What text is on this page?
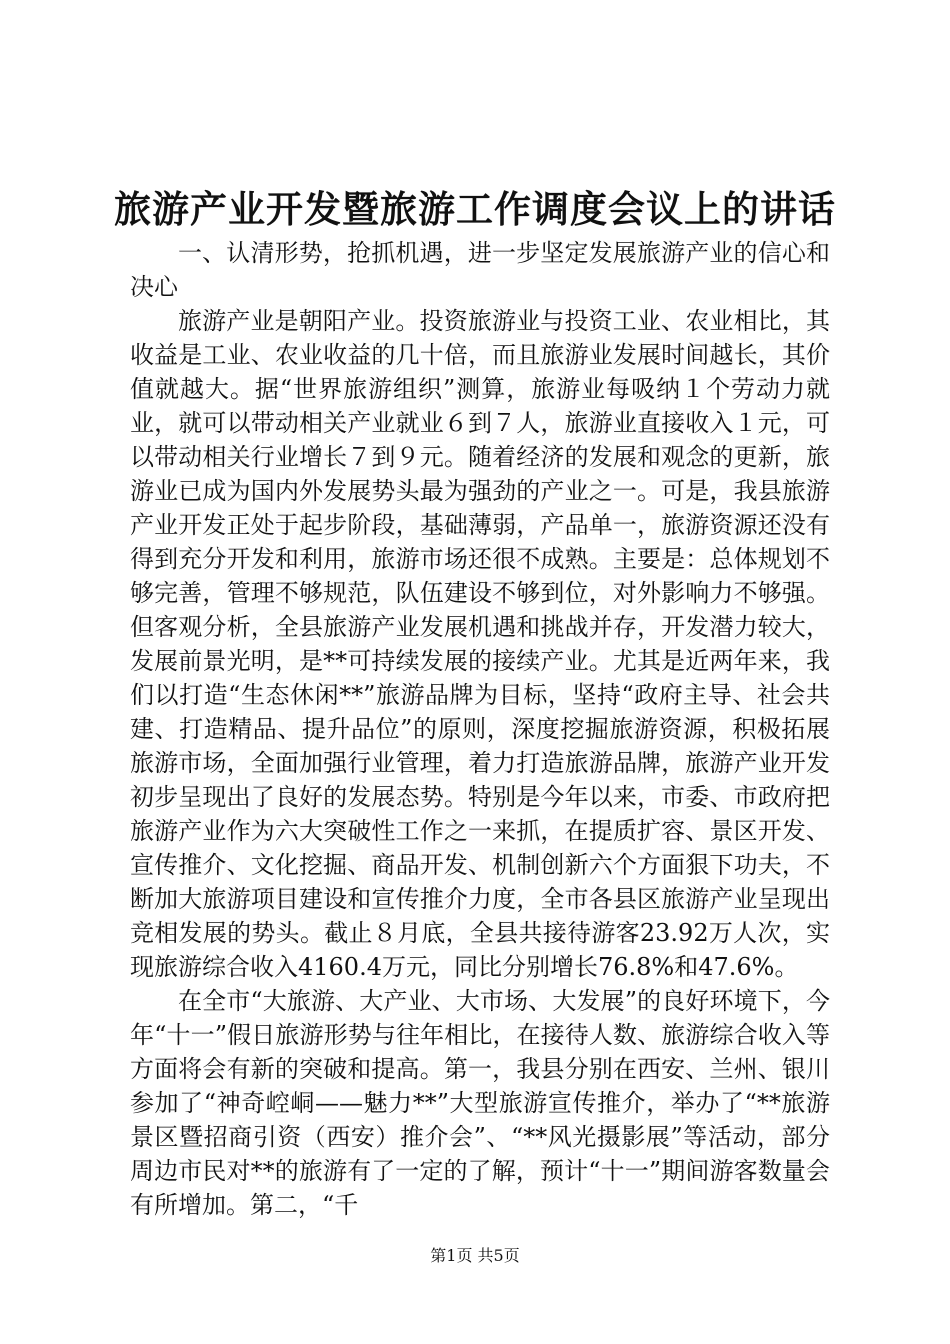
旅游产业开发暨旅游工作调度会议上的讲话

一、认清形势，抢抓机遇，进一步坚定发展旅游产业的信心和决心

旅游产业是朝阳产业。投资旅游业与投资工业、农业相比，其收益是工业、农业收益的几十倍，而且旅游业发展时间越长，其价值就越大。据“世界旅游组织”测算，旅游业每吸纳１个劳动力就业，就可以带动相关产业就业６到７人，旅游业直接收入１元，可以带动相关行业增长７到９元。随着经济的发展和观念的更新，旅游业已成为国内外发展势头最为强劲的产业之一。可是，我县旅游产业开发正处于起步阶段，基础薄弱，产品单一，旅游资源还没有得到充分开发和利用，旅游市场还很不成熟。主要是：总体规划不够完善，管理不够规范，队伍建设不够到位，对外影响力不够强。但客观分析，全县旅游产业发展机遇和挑战并存，开发潜力较大，发展前景光明，是**可持续发展的接续产业。尤其是近两年来，我们以打造“生态休闲**”旅游品牌为目标，坚持“政府主导、社会共建、打造精品、提升品位”的原则，深度挖掘旅游资源，积极拓展旅游市场，全面加强行业管理，着力打造旅游品牌，旅游产业开发初步呈现出了良好的发展态势。特别是今年以来，市委、市政府把旅游产业作为六大突破性工作之一来抓，在提质扩容、景区开发、宣传推介、文化挖掘、商品开发、机制创新六个方面狠下功夫，不断加大旅游项目建设和宣传推介力度，全市各县区旅游产业呈现出竞相发展的势头。截止８月底，全县共接待游客23.92万人次，实现旅游综合收入4160.4万元，同比分别增长76.8%和47.6%。

在全市“大旅游、大产业、大市场、大发展”的良好环境下，今年“十一”假日旅游形势与往年相比，在接待人数、旅游综合收入等方面将会有新的突破和提高。第一，我县分别在西安、兰州、银川参加了“神奇崆峒——魅力**”大型旅游宣传推介，举办了“**旅游景区暨招商引资（西安）推介会”、“**风光摄影展”等活动，部分周边市民对**的旅游有了一定的了解，预计“十一”期间游客数量会有所增加。第二，“千

第1页 共5页
